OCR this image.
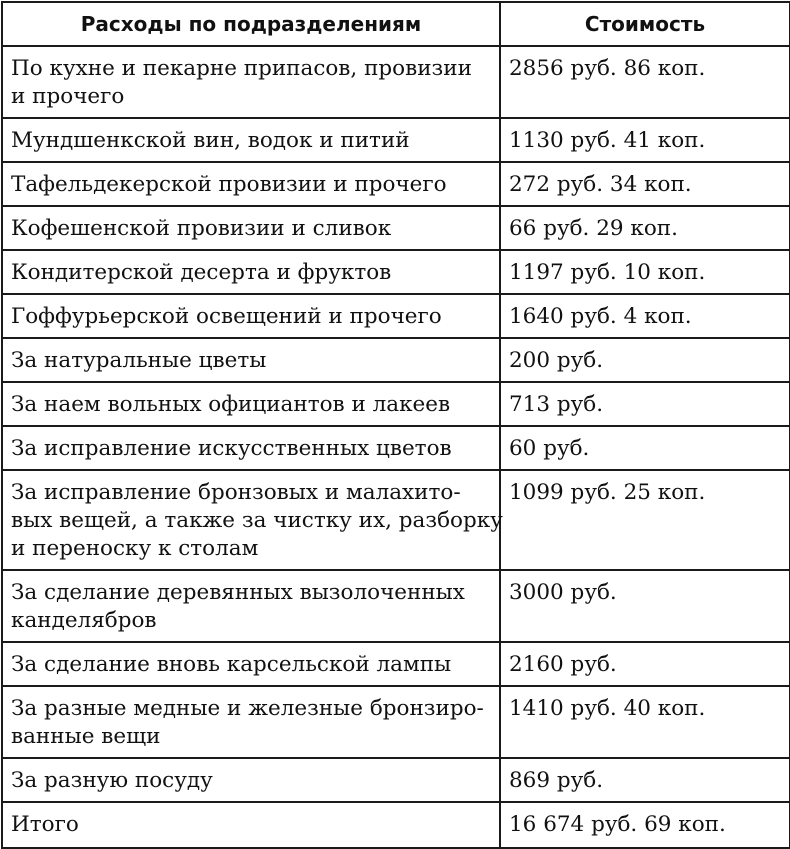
Расходы по подразделениям	Стоимость

По кухне и пекарне припасов, провизии
и прочего	2856 руб. 86 коп.

Мундшенкской вин, водок и питий	1130 руб. 41 коп.

Тафельдекерской провизии и прочего	272 руб. 34 коп.

Кофешенской провизии и сливок	66 руб. 29 коп.

Кондитерской десерта и фруктов	1197 руб. 10 коп.

Гоффурьерской освещений и прочего	1640 руб. 4 коп.

За натуральные цветы	200 руб.

За наем вольных официантов и лакеев	713 руб.

За исправление искусственных цветов	60 руб.

За исправление бронзовых и малахито-
вых вещей, а также за чистку их, разборку
и переноску к столам	1099 руб. 25 коп.

За сделание деревянных вызолоченных
канделябров	3000 руб.

За сделание вновь карсельской лампы	2160 руб.

За разные медные и железные бронзиро-
ванные вещи	1410 руб. 40 коп.

За разную посуду	869 руб.

Итого	16 674 руб. 69 коп.
